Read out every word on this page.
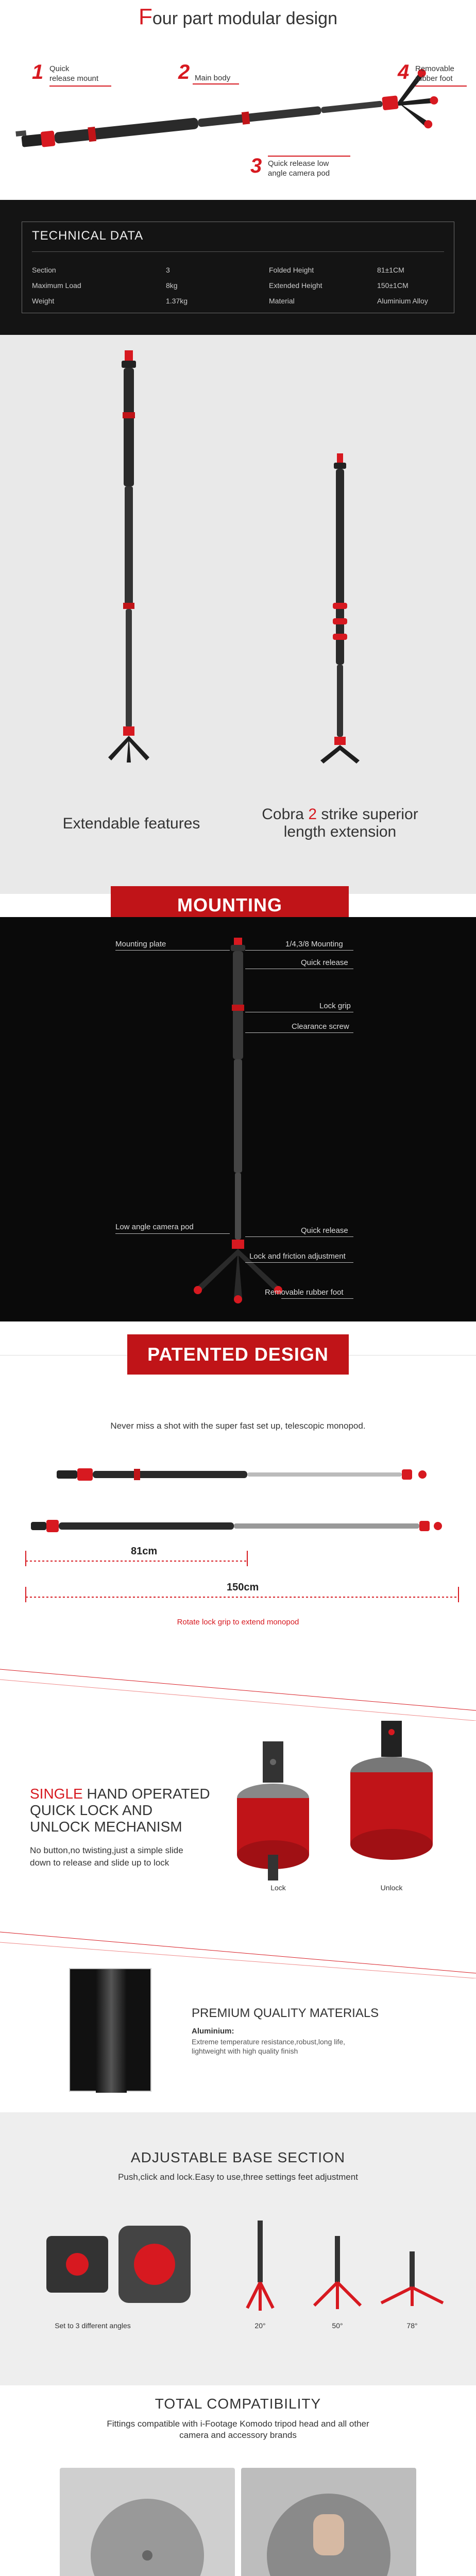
Four part modular design
1 Quick
release mount	2 Main body
3 Quick release low
angle camera pod
4 Removable
rubber foot
TECHNICAL DATA
Section	3	Folded Height	81±1CM
Maximum Load	8kg	Extended Height	150±1CM
Weight	1.37kg	Material	Aluminium Alloy
Extendable features
Cobra 2 strike superior
length extension
MOUNTING
Mounting plate	1/4,3/8 Mounting
Quick release
Lock grip
Clearance screw
Low angle camera pod	Quick release
Lock and friction adjustment
Removable rubber foot
PATENTED DESIGN
Never miss a shot with the super fast set up, telescopic monopod.
81cm
150cm
Rotate lock grip to extend monopod
SINGLE HAND OPERATED
QUICK LOCK AND
UNLOCK MECHANISM
No button,no twisting,just a simple slide
down to release and slide up to lock
Lock	Unlock
PREMIUM QUALITY MATERIALS
Aluminium:
Extreme temperature resistance,robust,long life,
lightweight with high quality finish
ADJUSTABLE BASE SECTION
Push,click and lock.Easy to use,three settings feet adjustment
Set to 3 different angles	20°	50°	78°
TOTAL COMPATIBILITY
Fittings compatible with i-Footage Komodo tripod head and all other
camera and accessory brands
